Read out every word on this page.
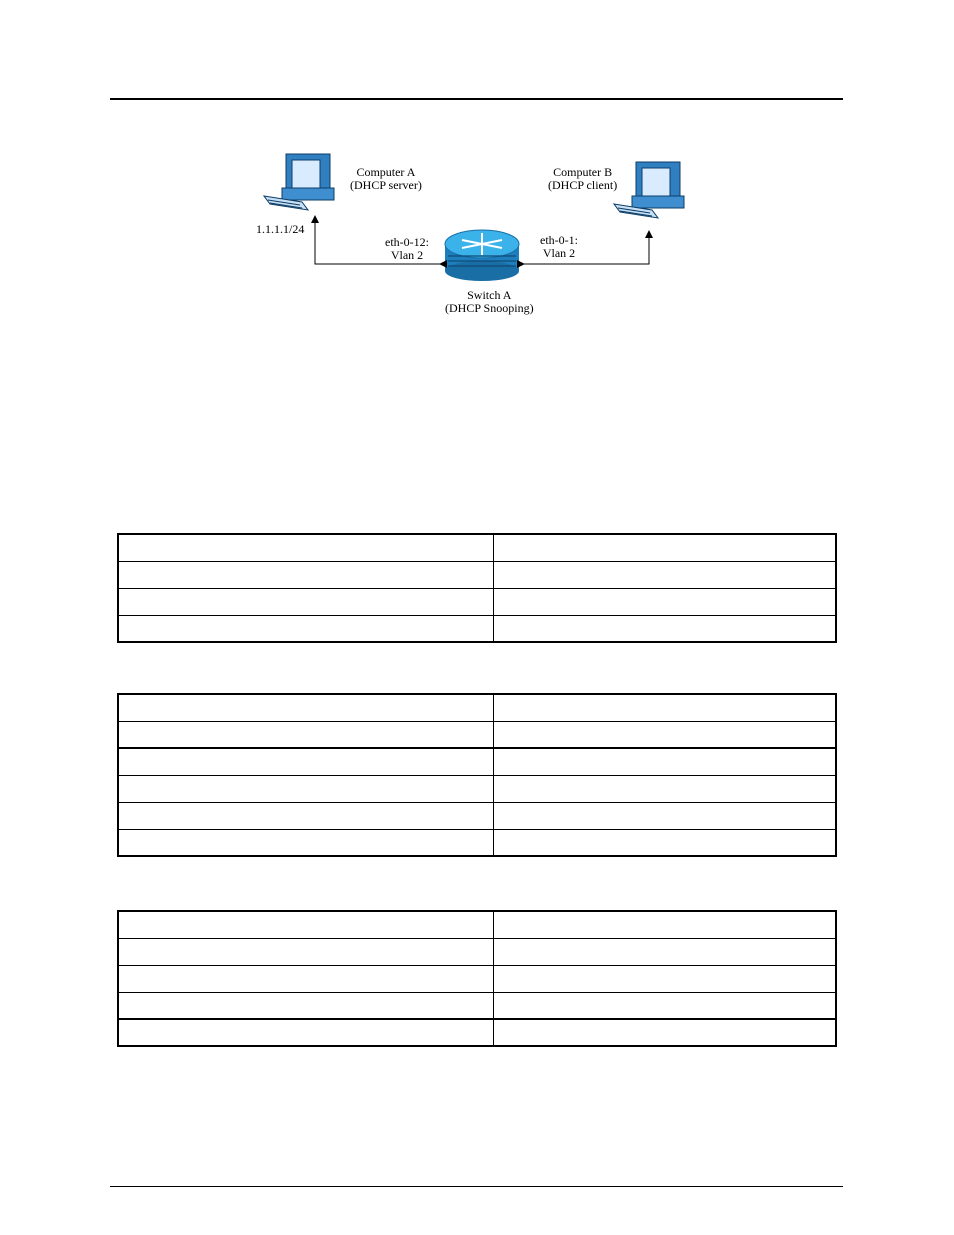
Computer A
(DHCP server)
1.1.1.1/24
Computer B
(DHCP client)
eth-0-12:
Vlan 2
eth-0-1:
Vlan 2
Switch A
(DHCP Snooping)
